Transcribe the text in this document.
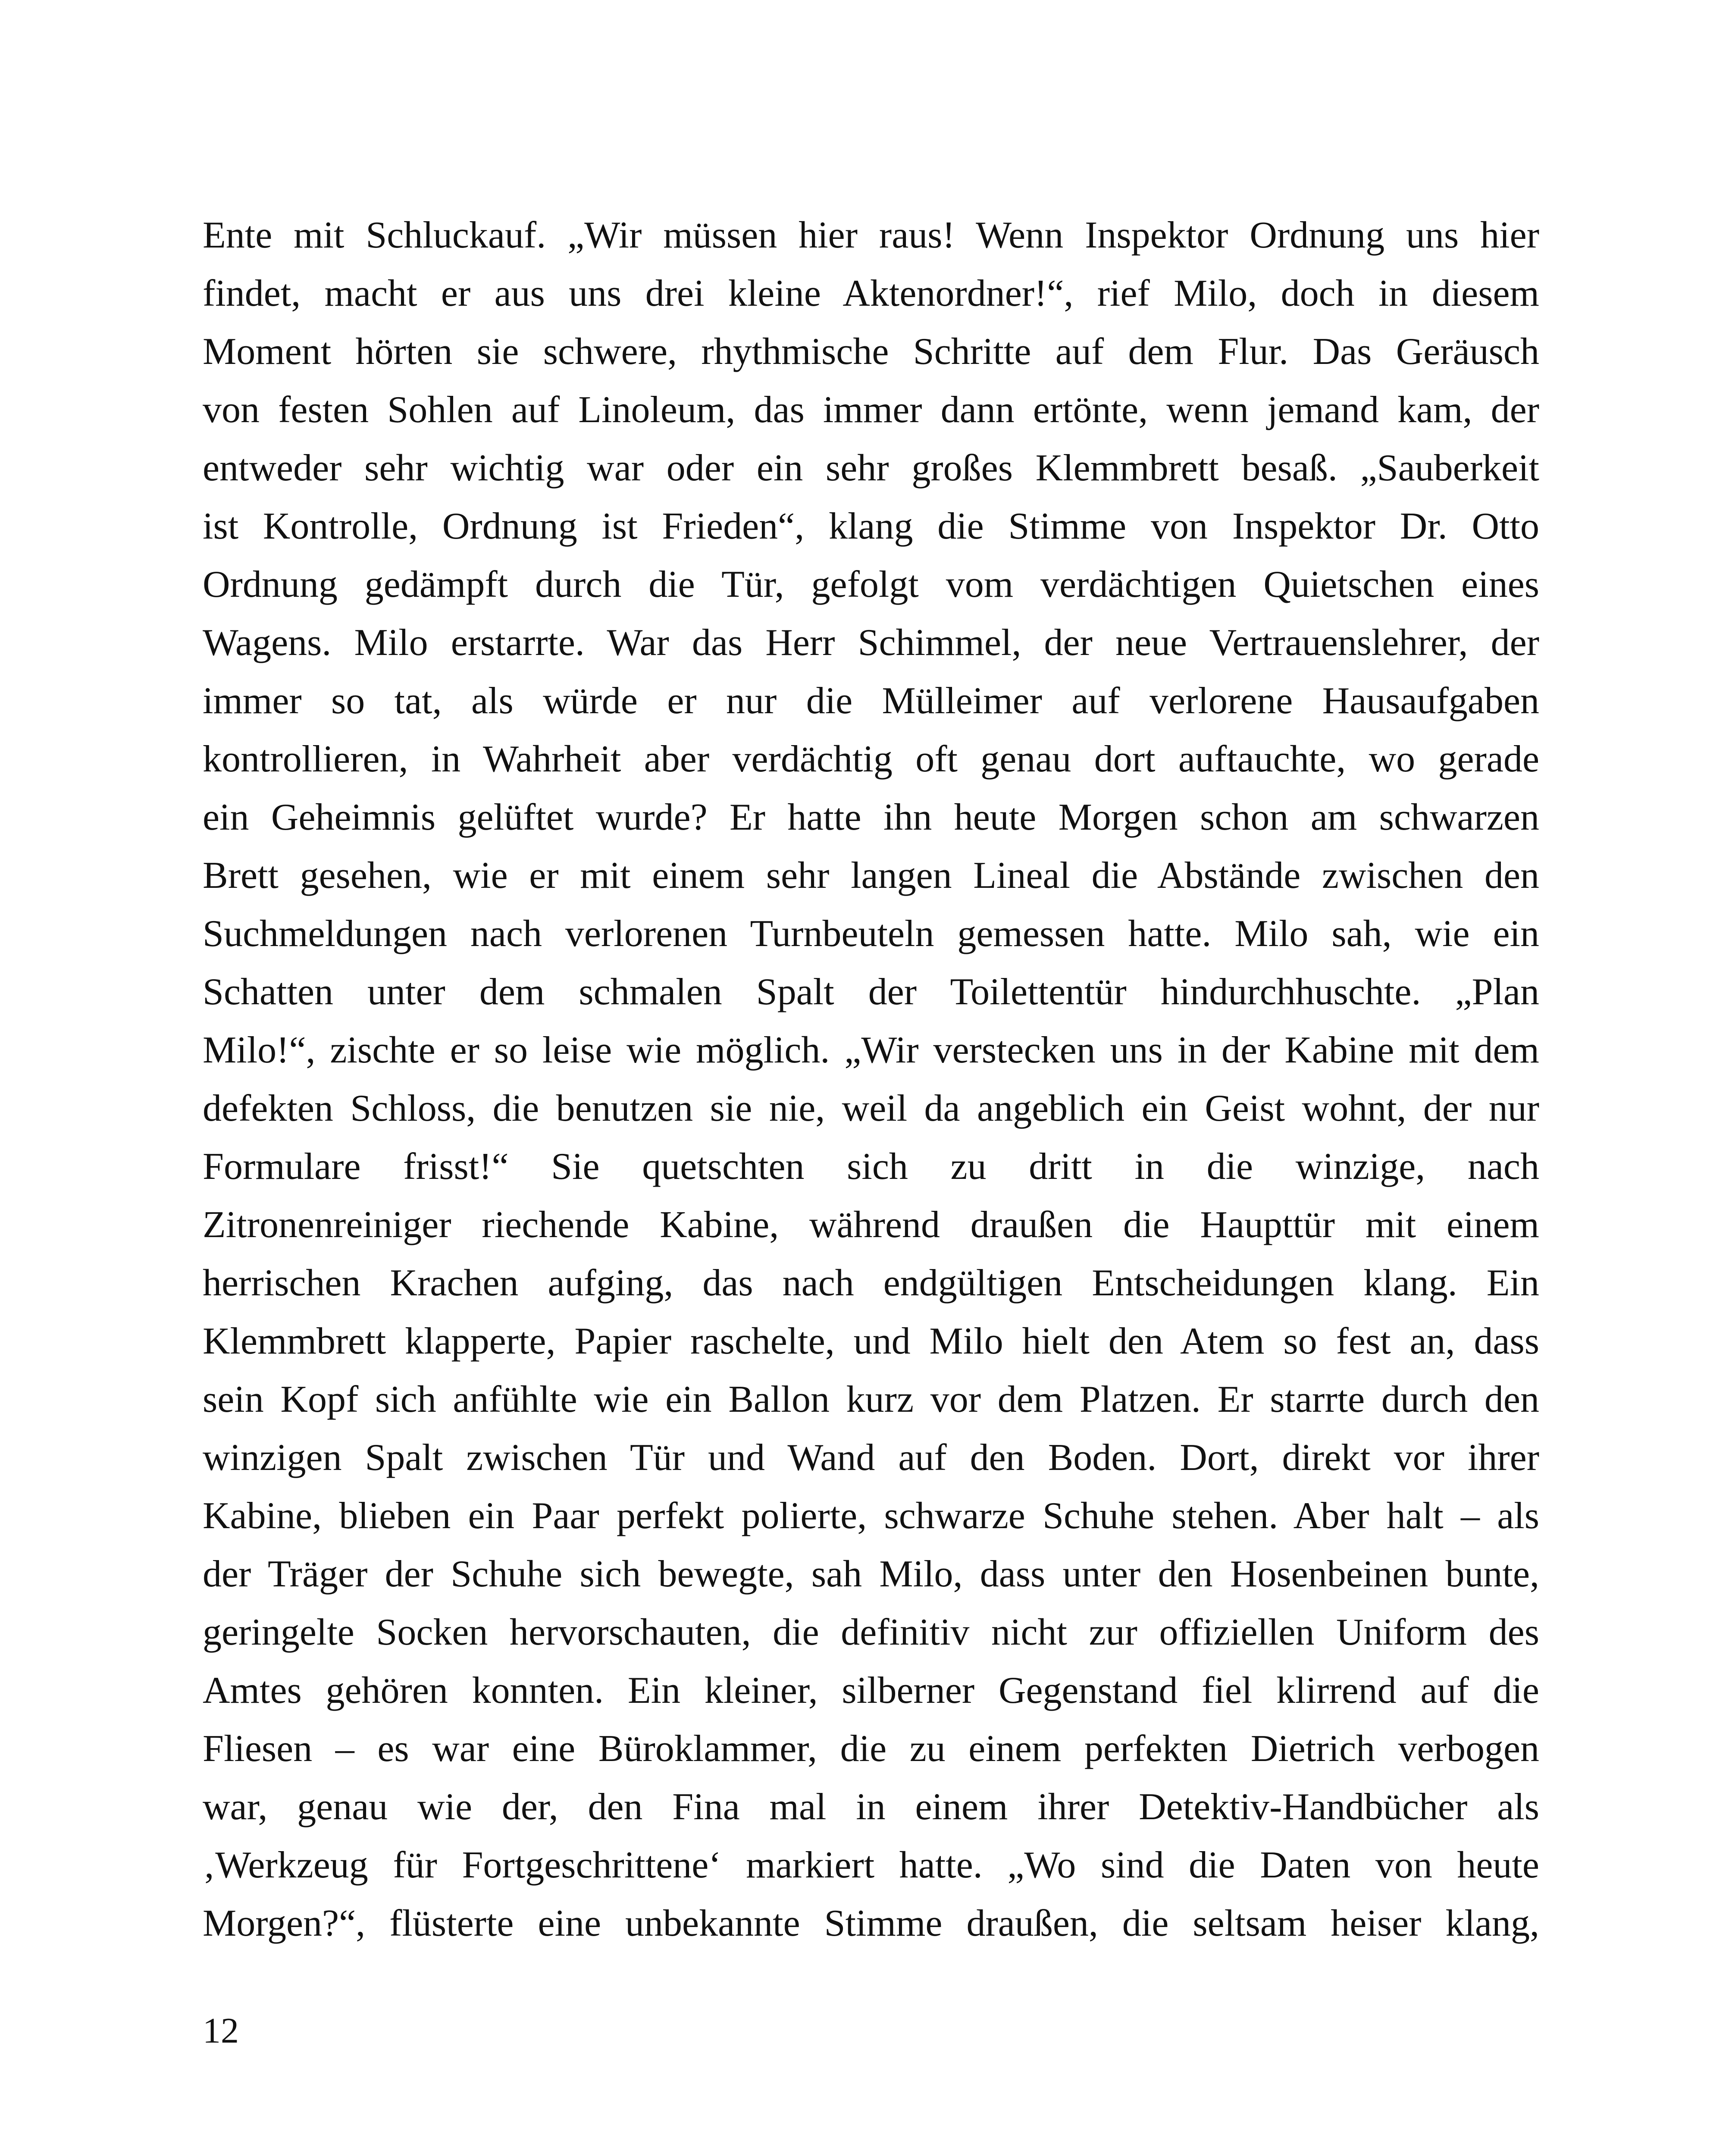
Ente mit Schluckauf. „Wir müssen hier raus! Wenn Inspektor Ordnung uns hier
findet, macht er aus uns drei kleine Aktenordner!“, rief Milo, doch in diesem
Moment hörten sie schwere, rhythmische Schritte auf dem Flur. Das Geräusch
von festen Sohlen auf Linoleum, das immer dann ertönte, wenn jemand kam, der
entweder sehr wichtig war oder ein sehr großes Klemmbrett besaß. „Sauberkeit
ist Kontrolle, Ordnung ist Frieden“, klang die Stimme von Inspektor Dr. Otto
Ordnung gedämpft durch die Tür, gefolgt vom verdächtigen Quietschen eines
Wagens. Milo erstarrte. War das Herr Schimmel, der neue Vertrauenslehrer, der
immer so tat, als würde er nur die Mülleimer auf verlorene Hausaufgaben
kontrollieren, in Wahrheit aber verdächtig oft genau dort auftauchte, wo gerade
ein Geheimnis gelüftet wurde? Er hatte ihn heute Morgen schon am schwarzen
Brett gesehen, wie er mit einem sehr langen Lineal die Abstände zwischen den
Suchmeldungen nach verlorenen Turnbeuteln gemessen hatte. Milo sah, wie ein
Schatten unter dem schmalen Spalt der Toilettentür hindurchhuschte. „Plan
Milo!“, zischte er so leise wie möglich. „Wir verstecken uns in der Kabine mit dem
defekten Schloss, die benutzen sie nie, weil da angeblich ein Geist wohnt, der nur
Formulare frisst!“ Sie quetschten sich zu dritt in die winzige, nach
Zitronenreiniger riechende Kabine, während draußen die Haupttür mit einem
herrischen Krachen aufging, das nach endgültigen Entscheidungen klang. Ein
Klemmbrett klapperte, Papier raschelte, und Milo hielt den Atem so fest an, dass
sein Kopf sich anfühlte wie ein Ballon kurz vor dem Platzen. Er starrte durch den
winzigen Spalt zwischen Tür und Wand auf den Boden. Dort, direkt vor ihrer
Kabine, blieben ein Paar perfekt polierte, schwarze Schuhe stehen. Aber halt – als
der Träger der Schuhe sich bewegte, sah Milo, dass unter den Hosenbeinen bunte,
geringelte Socken hervorschauten, die definitiv nicht zur offiziellen Uniform des
Amtes gehören konnten. Ein kleiner, silberner Gegenstand fiel klirrend auf die
Fliesen – es war eine Büroklammer, die zu einem perfekten Dietrich verbogen
war, genau wie der, den Fina mal in einem ihrer Detektiv-Handbücher als
‚Werkzeug für Fortgeschrittene‘ markiert hatte. „Wo sind die Daten von heute
Morgen?“, flüsterte eine unbekannte Stimme draußen, die seltsam heiser klang,
12
